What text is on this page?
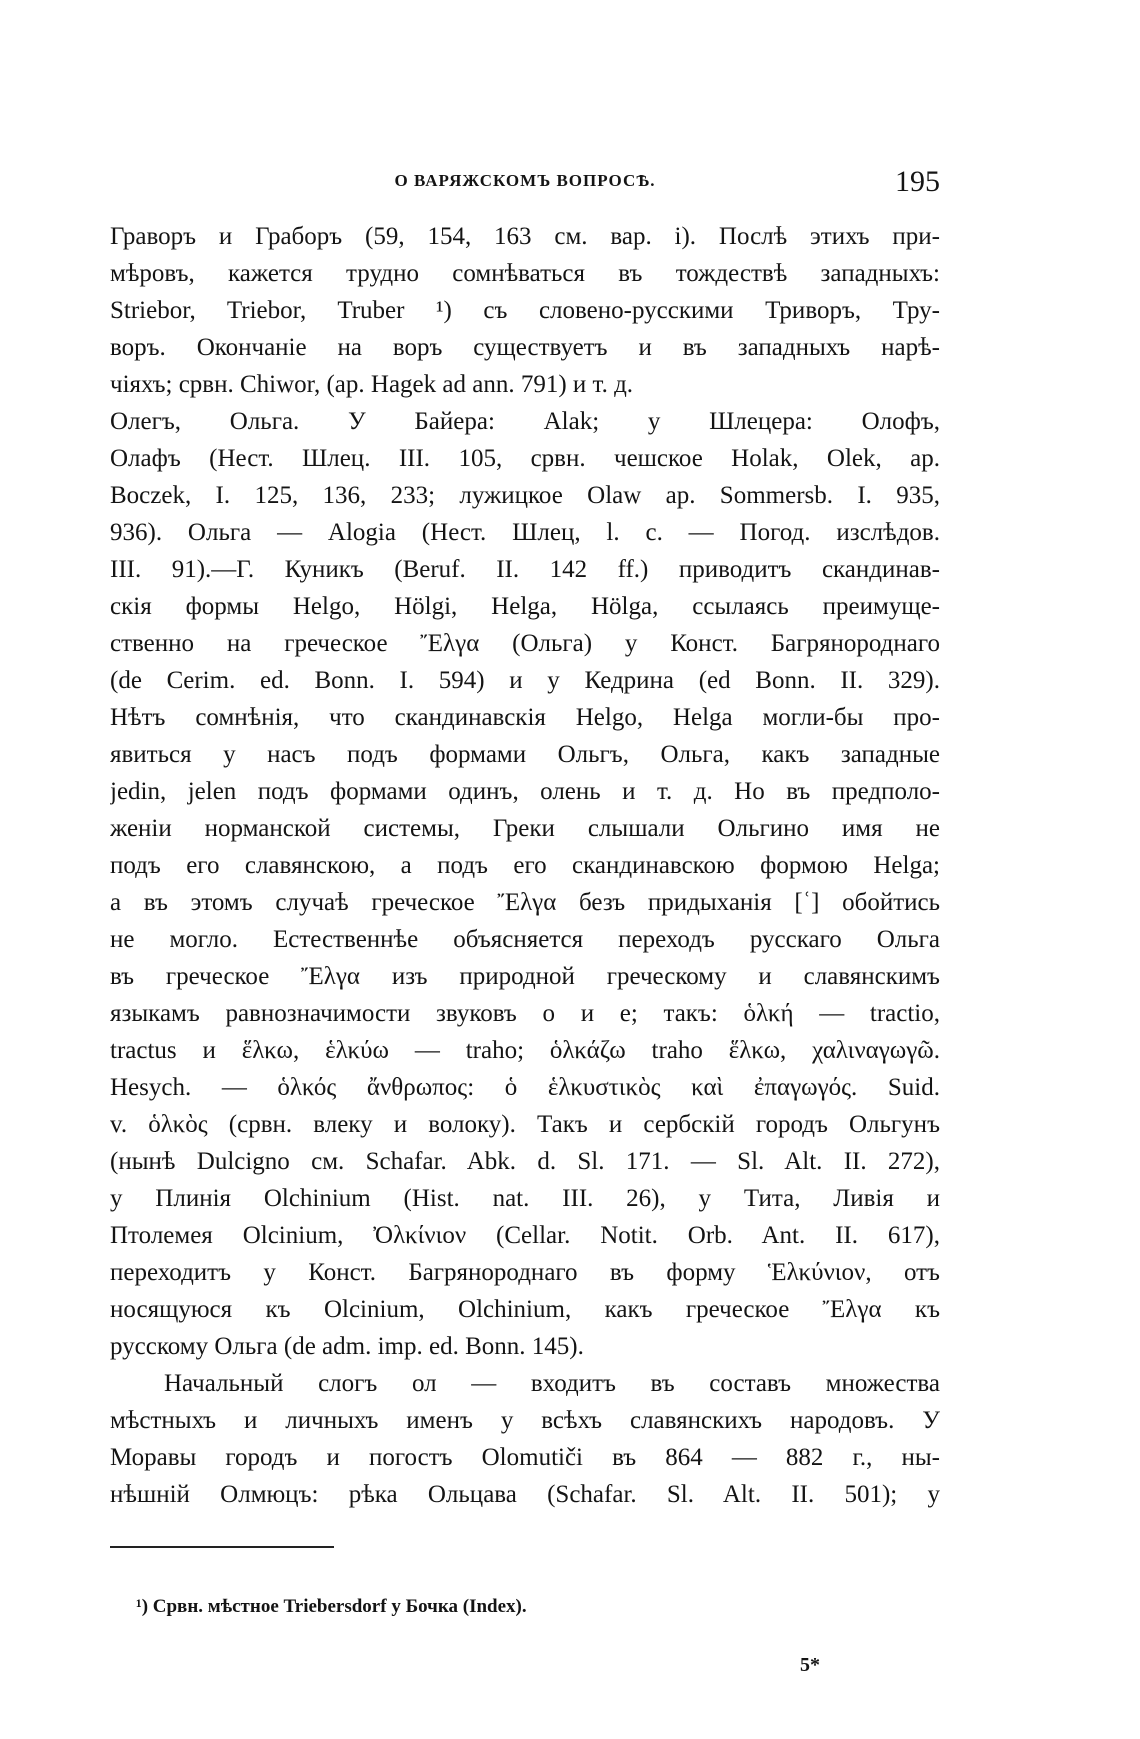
О ВАРЯЖСКОМЪ ВОПРОСѢ.	195
Граворъ и Граборъ (59, 154, 163 см. вар. і). Послѣ этихъ при-
мѣровъ, кажется трудно сомнѣваться въ тождествѣ западныхъ:
Striebor, Triebor, Truber ¹) съ словено-русскими Триворъ, Тру-
воръ. Окончаніе на воръ существуетъ и въ западныхъ нарѣ-
чіяхъ; срвн. Chiwor, (ар. Hagek ad ann. 791) и т. д.
Олегъ, Ольга. У Байера: Alak; у Шлецера: Олофъ,
Олафъ (Нест. Шлец. III. 105, срвн. чешское Holak, Olek, ap.
Boczek, I. 125, 136, 233; лужицкое Olaw ap. Sommersb. I. 935,
936). Ольга — Alogia (Нест. Шлец, l. с. — Погод. изслѣдов.
III. 91).—Г. Куникъ (Beruf. II. 142 ff.) приводитъ скандинав-
скія формы Helgo, Hölgi, Helga, Hölga, ссылаясь преимуще-
ственно на греческое Ἔλγα (Ольга) у Конст. Багрянороднаго
(de Cerim. ed. Bonn. I. 594) и у Кедрина (ed Bonn. II. 329).
Нѣтъ сомнѣнія, что скандинавскія Helgo, Helga могли-бы про-
явиться у насъ подъ формами Ольгъ, Ольга, какъ западные
jedin, jelen подъ формами одинъ, олень и т. д. Но въ предполо-
женіи норманской системы, Греки слышали Ольгино имя не
подъ его славянскою, а подъ его скандинавскою формою Helga;
а въ этомъ случаѣ греческое Ἔλγα безъ придыханія [ʿ] обойтись
не могло. Естественнѣе объясняется переходъ русскаго Ольга
въ греческое Ἔλγα изъ природной греческому и славянскимъ
языкамъ равнозначимости звуковъ о и е; такъ: ὁλκή — tractio,
tractus и ἕλκω, ἑλκύω — traho; ὁλκάζω traho ἕλκω, χαλιναγωγῶ.
Hesych. — ὁλκός ἄνθρωπος: ὁ ἑλκυστικὸς καὶ ἐπαγωγός. Suid.
v. ὁλκὸς (срвн. влеку и волоку). Такъ и сербскій городъ Ольгунъ
(нынѣ Dulcigno см. Schafar. Abk. d. Sl. 171. — Sl. Alt. II. 272),
у Плинія Olchinium (Hist. nat. III. 26), у Тита, Ливія и
Птолемея Olcinium, Ὀλκίνιον (Cellar. Notit. Orb. Ant. II. 617),
переходитъ у Конст. Багрянороднаго въ форму Ἑλκύνιον, отъ
носящуюся къ Olcinium, Olchinium, какъ греческое Ἔλγα къ
русскому Ольга (de adm. imp. ed. Bonn. 145).
Начальный слогъ ол — входитъ въ составъ множества
мѣстныхъ и личныхъ именъ у всѣхъ славянскихъ народовъ. У
Моравы городъ и погостъ Olomutiči въ 864 — 882 г., ны-
нѣшній Олмюцъ: рѣка Ольцава (Schafar. Sl. Alt. II. 501); у
¹) Срвн. мѣстное Triebersdorf у Бочка (Index).
5*
